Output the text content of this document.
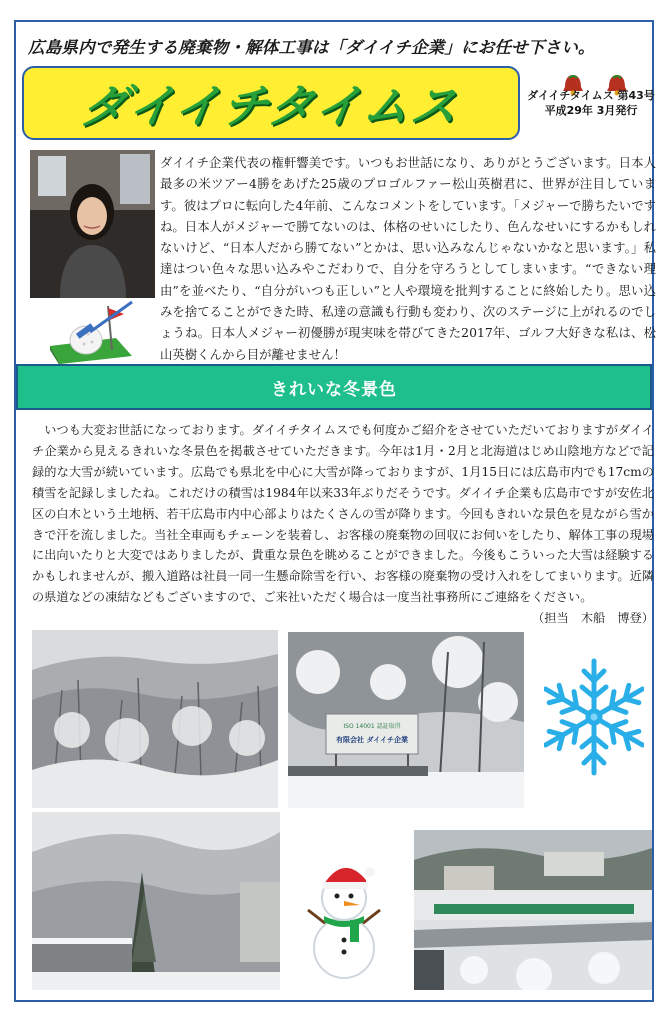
広島県内で発生する廃棄物・解体工事は「ダイイチ企業」にお任せ下さい。
ダイイチタイムス	ダイイチタイムス 第43号
平成29年 3月発行
ダイイチ企業代表の権軒響美です。いつもお世話になり、ありがとうございます。日本人最多の米ツアー4勝をあげた25歳のプロゴルファー松山英樹君に、世界が注目しています。彼はプロに転向した4年前、こんなコメントをしています。「メジャーで勝ちたいですね。日本人がメジャーで勝てないのは、体格のせいにしたり、色んなせいにするかもしれないけど、“日本人だから勝てない”とかは、思い込みなんじゃないかなと思います。」私達はつい色々な思い込みやこだわりで、自分を守ろうとしてしまいます。“できない理由”を並べたり、“自分がいつも正しい”と人や環境を批判することに終始したり。思い込みを捨てることができた時、私達の意識も行動も変わり、次のステージに上がれるのでしょうね。日本人メジャー初優勝が現実味を帯びてきた2017年、ゴルフ大好きな私は、松山英樹くんから目が離せません！
きれいな冬景色
　いつも大変お世話になっております。ダイイチタイムスでも何度かご紹介をさせていただいておりますがダイイチ企業から見えるきれいな冬景色を掲載させていただきます。今年は1月・2月と北海道はじめ山陰地方などで記録的な大雪が続いています。広島でも県北を中心に大雪が降っておりますが、1月15日には広島市内でも17cmの積雪を記録しましたね。これだけの積雪は1984年以来33年ぶりだそうです。ダイイチ企業も広島市ですが安佐北区の白木という土地柄、若干広島市内中心部よりはたくさんの雪が降ります。今回もきれいな景色を見ながら雪かきで汗を流しました。当社全車両もチェーンを装着し、お客様の廃棄物の回収にお伺いをしたり、解体工事の現場に出向いたりと大変ではありましたが、貴重な景色を眺めることができました。今後もこういった大雪は経験するかもしれませんが、搬入道路は社員一同一生懸命除雪を行い、お客様の廃棄物の受け入れをしてまいります。近隣の県道などの凍結などもございますので、ご来社いただく場合は一度当社事務所にご連絡をください。
（担当　木船　博登）
ISO 14001 認証取得
有限会社 ダイイチ企業
